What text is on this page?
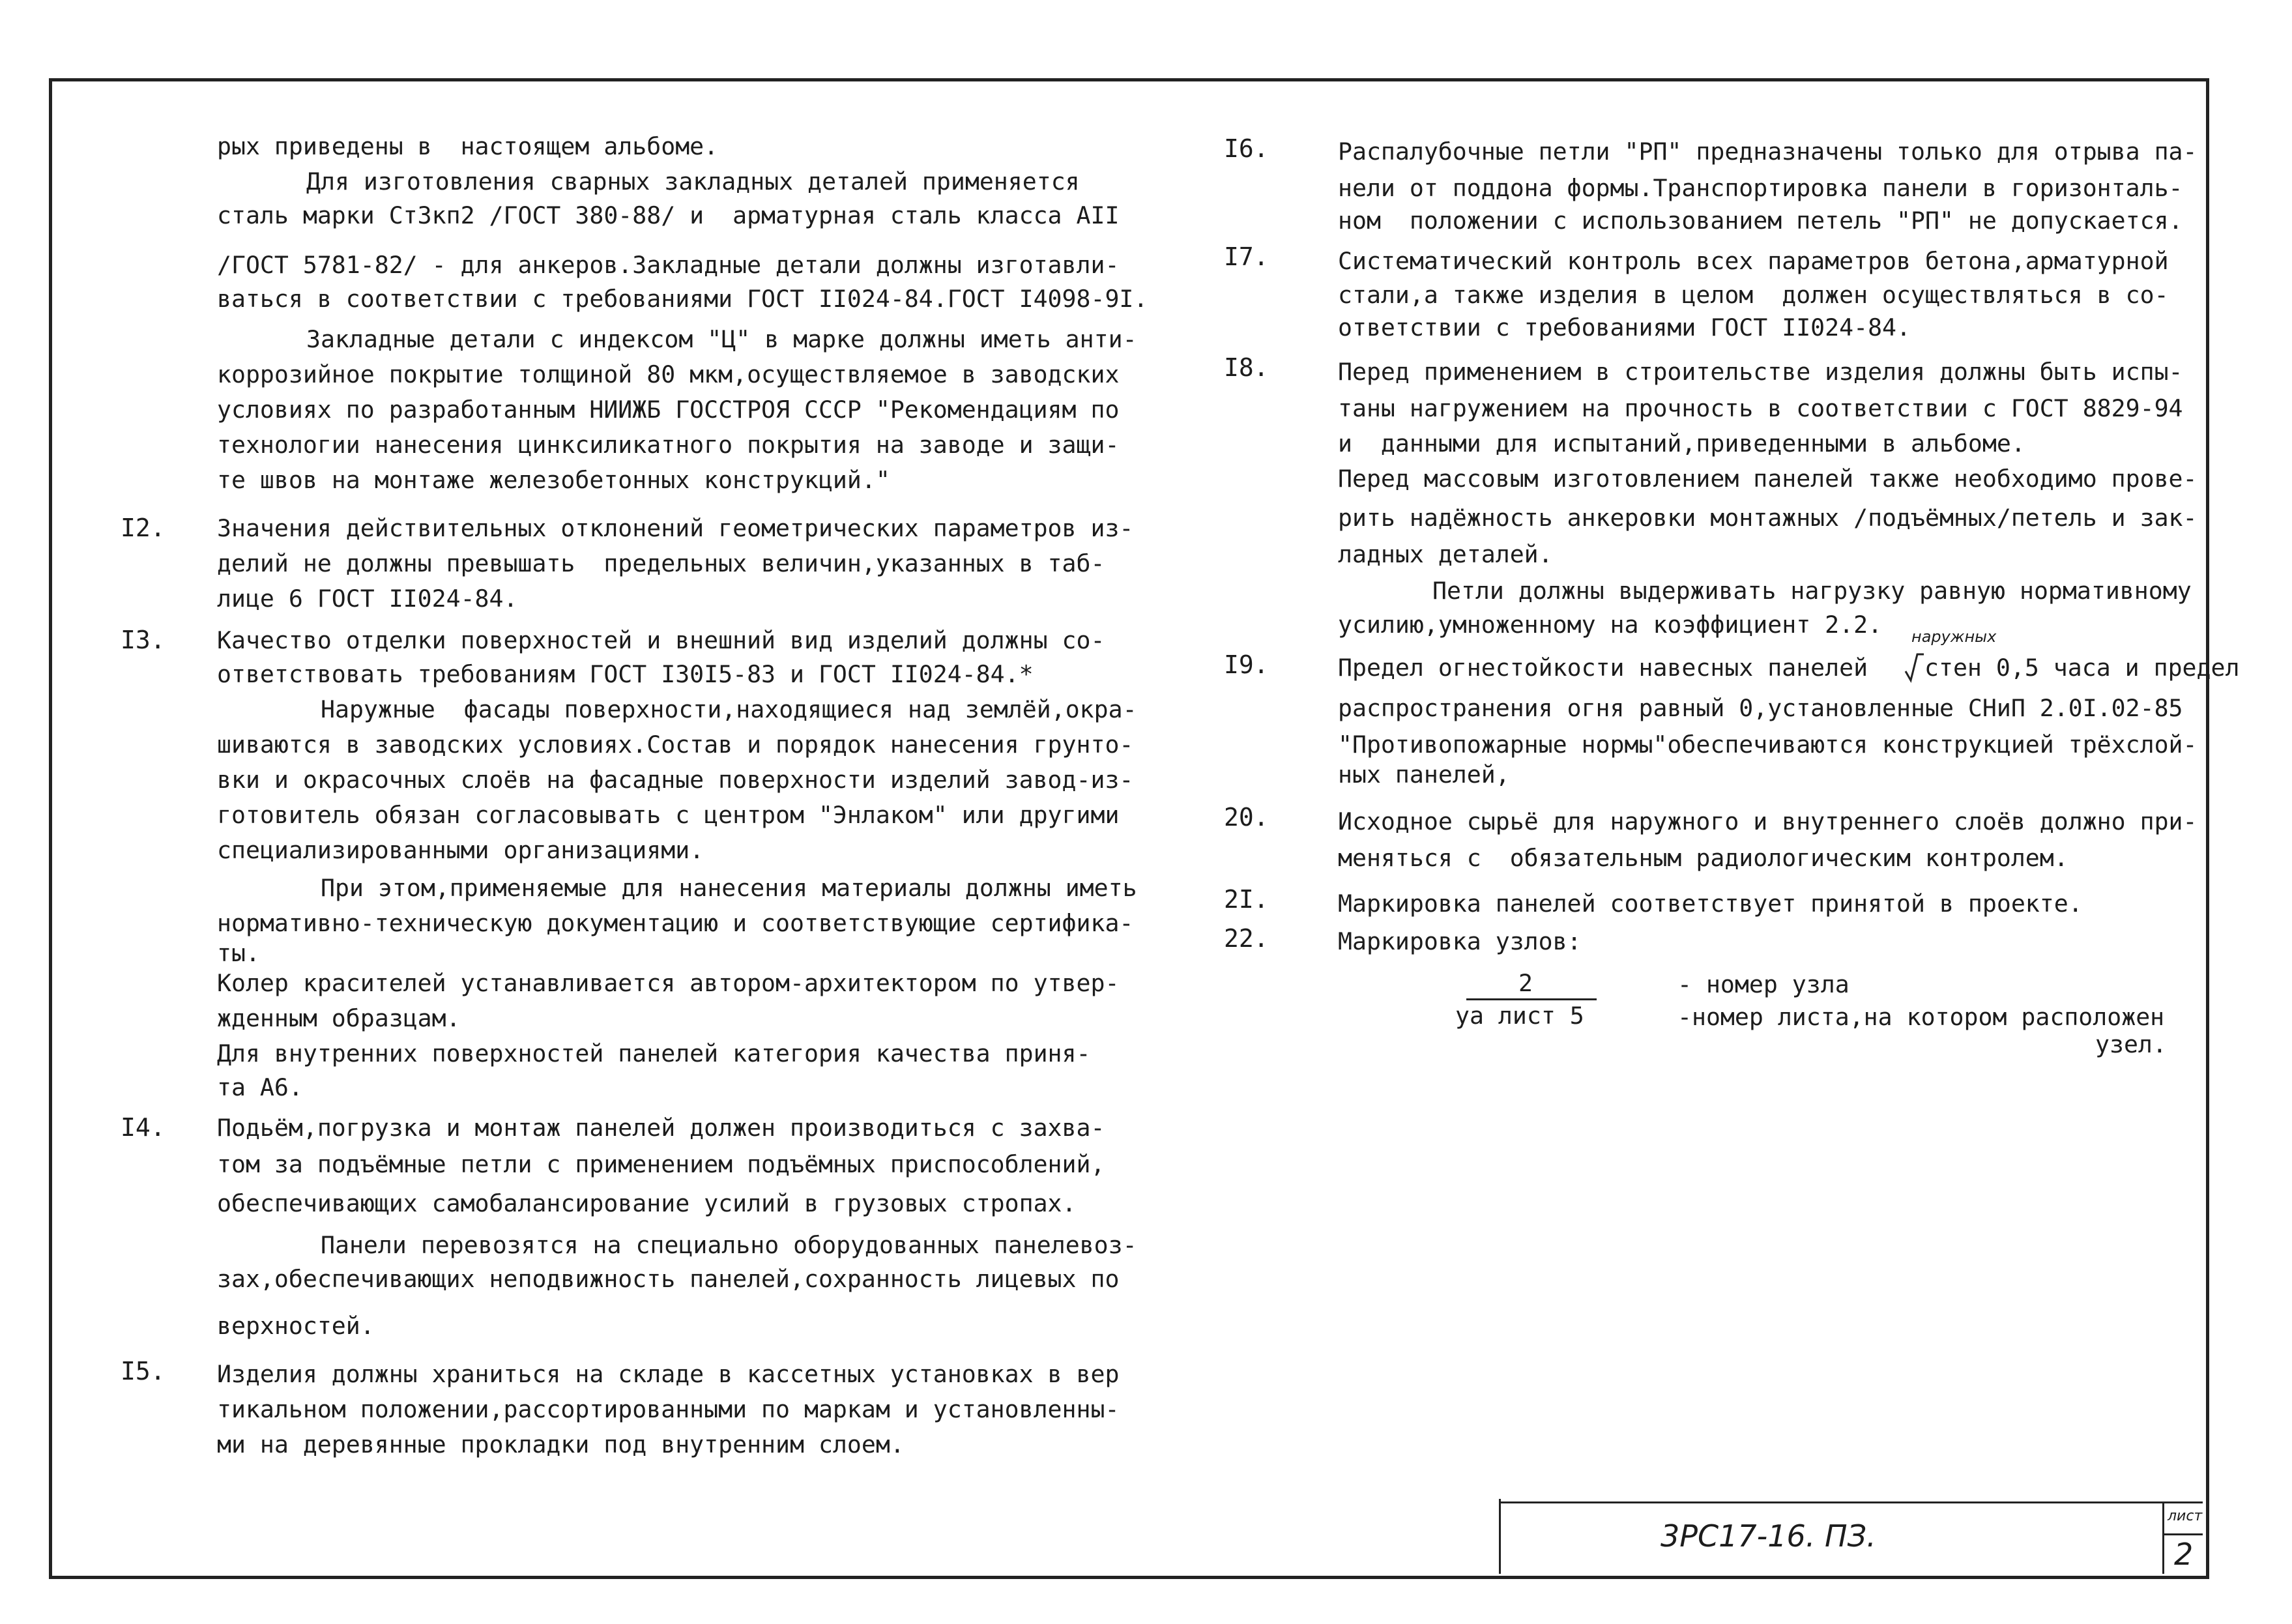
рых приведены в  настоящем альбоме.
Для изготовления сварных закладных деталей применяется
сталь марки СтЗкп2 /ГОСТ 380-88/ и  арматурная сталь класса AII
/ГОСТ 5781-82/ - для анкеров.Закладные детали должны изготавли-
ваться в соответствии с требованиями ГОСТ II024-84.ГОСТ I4098-9I.
Закладные детали с индексом "Ц" в марке должны иметь анти-
коррозийное покрытие толщиной 80 мкм,осуществляемое в заводских
условиях по разработанным НИИЖБ ГОССТРОЯ СССР "Рекомендациям по
технологии нанесения цинксиликатного покрытия на заводе и защи-
те швов на монтаже железобетонных конструкций."
I2. Значения действительных отклонений геометрических параметров из-
делий не должны превышать  предельных величин,указанных в таб-
лице 6 ГОСТ II024-84.
I3. Качество отделки поверхностей и внешний вид изделий должны со-
ответствовать требованиям ГОСТ I30I5-83 и ГОСТ II024-84.*
Наружные  фасады поверхности,находящиеся над землёй,окра-
шиваются в заводских условиях.Состав и порядок нанесения грунто-
вки и окрасочных слоёв на фасадные поверхности изделий завод-из-
готовитель обязан согласовывать с центром "Энлаком" или другими
специализированными организациями.
При этом,применяемые для нанесения материалы должны иметь
нормативно-техническую документацию и соответствующие сертифика-
ты.
Колер красителей устанавливается автором-архитектором по утвер-
жденным образцам.
Для внутренних поверхностей панелей категория качества приня-
та А6.
I4. Подьём,погрузка и монтаж панелей должен производиться с захва-
том за подъёмные петли с применением подъёмных приспособлений,
обеспечивающих самобалансирование усилий в грузовых стропах.
Панели перевозятся на специально оборудованных панелевоз-
зах,обеспечивающих неподвижность панелей,сохранность лицевых по
верхностей.
I5. Изделия должны храниться на складе в кассетных установках в вер
тикальном положении,рассортированными по маркам и установленны-
ми на деревянные прокладки под внутренним слоем.
I6.	Распалубочные петли "РП" предназначены только для отрыва па-
нели от поддона формы.Транспортировка панели в горизонталь-
ном  положении с использованием петель "РП" не допускается.
I7.	Систематический контроль всех параметров бетона,арматурной
стали,а также изделия в целом  должен осуществляться в со-
ответствии с требованиями ГОСТ II024-84.
I8.	Перед применением в строительстве изделия должны быть испы-
таны нагружением на прочность в соответствии с ГОСТ 8829-94
и  данными для испытаний,приведенными в альбоме.
Перед массовым изготовлением панелей также необходимо прове-
рить надёжность анкеровки монтажных /подъёмных/петель и зак-
ладных деталей.
Петли должны выдерживать нагрузку равную нормативному
усилию,умноженному на коэффициент 2.2. наружных
I9.	Предел огнестойкости навесных панелей стен 0,5 часа и предел
распространения огня равный 0,установленные СНиП 2.0I.02-85
"Противопожарные нормы"обеспечиваются конструкцией трёхслой-
ных панелей,
20.	Исходное сырьё для наружного и внутреннего слоёв должно при-
меняться с  обязательным радиологическим контролем.
2I.	Маркировка панелей соответствует принятой в проекте.
22.	Маркировка узлов:
2
уа лист 5
- номер узла
-номер листа,на котором расположен
узел.
3РС17-16. ПЗ.
лист
2
